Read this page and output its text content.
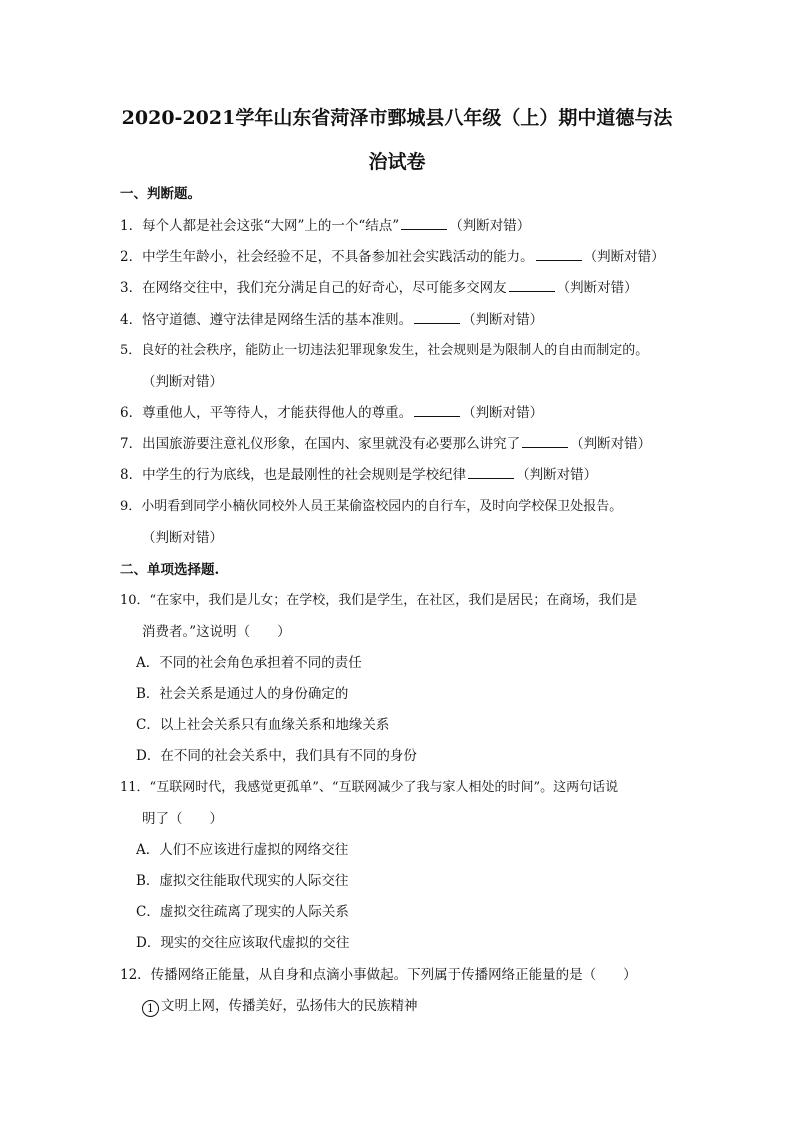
2020-2021学年山东省菏泽市鄄城县八年级（上）期中道德与法
治试卷
一、判断题。
1．每个人都是社会这张“大网”上的一个“结点”	（判断对错）
2．中学生年龄小，社会经验不足，不具备参加社会实践活动的能力。	（判断对错）
3．在网络交往中，我们充分满足自己的好奇心，尽可能多交网友	（判断对错）
4．恪守道德、遵守法律是网络生活的基本准则。	（判断对错）
5．良好的社会秩序，能防止一切违法犯罪现象发生，社会规则是为限制人的自由而制定的。
（判断对错）
6．尊重他人，平等待人，才能获得他人的尊重。	（判断对错）
7．出国旅游要注意礼仪形象，在国内、家里就没有必要那么讲究了	（判断对错）
8．中学生的行为底线，也是最刚性的社会规则是学校纪律	（判断对错）
9．小明看到同学小楠伙同校外人员王某偷盗校园内的自行车，及时向学校保卫处报告。
（判断对错）
二、单项选择题.
10．“在家中，我们是儿女；在学校，我们是学生，在社区，我们是居民；在商场，我们是
消费者。”这说明（　　）
A．不同的社会角色承担着不同的责任
B．社会关系是通过人的身份确定的
C．以上社会关系只有血缘关系和地缘关系
D．在不同的社会关系中，我们具有不同的身份
11．“互联网时代，我感觉更孤单”、“互联网减少了我与家人相处的时间”。这两句话说
明了（　　）
A．人们不应该进行虚拟的网络交往
B．虚拟交往能取代现实的人际交往
C．虚拟交往疏离了现实的人际关系
D．现实的交往应该取代虚拟的交往
12．传播网络正能量，从自身和点滴小事做起。下列属于传播网络正能量的是（　　）
1 文明上网，传播美好，弘扬伟大的民族精神
